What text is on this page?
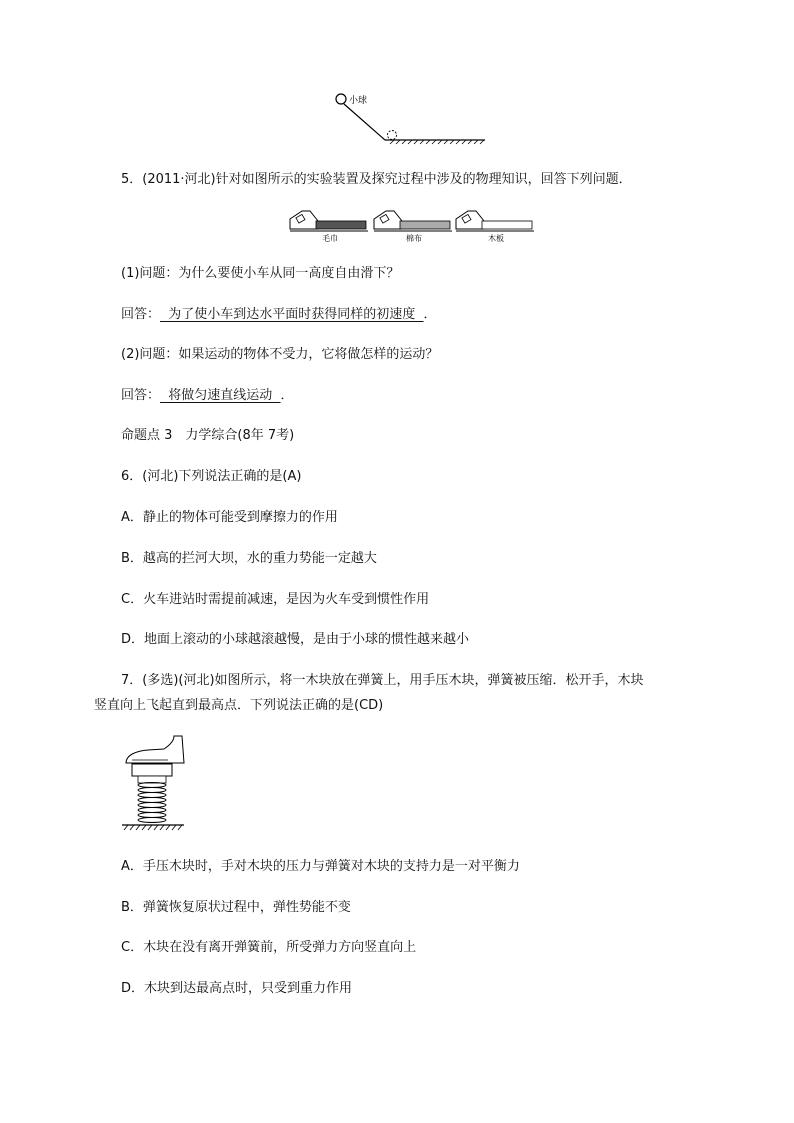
小球
5．(2011·河北)针对如图所示的实验装置及探究过程中涉及的物理知识，回答下列问题．
毛巾	棉布	木板
(1)问题：为什么要使小车从同一高度自由滑下？
回答：  为了使小车到达水平面时获得同样的初速度  ．
(2)问题：如果运动的物体不受力，它将做怎样的运动？
回答：  将做匀速直线运动  ．
命题点 3　力学综合(8年 7考)
6．(河北)下列说法正确的是(A)
A．静止的物体可能受到摩擦力的作用
B．越高的拦河大坝，水的重力势能一定越大
C．火车进站时需提前减速，是因为火车受到惯性作用
D．地面上滚动的小球越滚越慢，是由于小球的惯性越来越小
7．(多选)(河北)如图所示，将一木块放在弹簧上，用手压木块，弹簧被压缩．松开手，木块
竖直向上飞起直到最高点．下列说法正确的是(CD)
A．手压木块时，手对木块的压力与弹簧对木块的支持力是一对平衡力
B．弹簧恢复原状过程中，弹性势能不变
C．木块在没有离开弹簧前，所受弹力方向竖直向上
D．木块到达最高点时，只受到重力作用
